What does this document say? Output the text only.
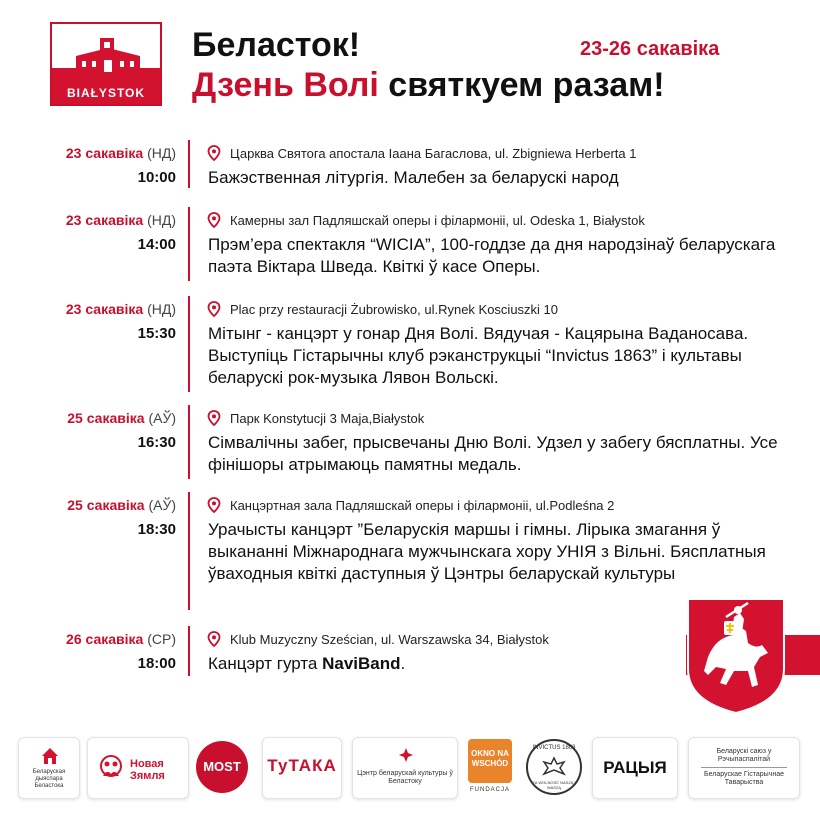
BIAŁYSTOK
Беласток!	23-26 сакавіка
Дзень Волі святкуем разам!
23 сакавіка (НД)
10:00
Царква Святога апостала Іаана Багаслова, ul. Zbigniewa Herberta 1
Бажэственная літургія. Малебен за беларускі народ
23 сакавіка (НД)
14:00
Камерны зал Падляшскай оперы і філармоніі, ul. Odeska 1, Białystok
Прэм’ера спектакля “WICIA”, 100-годдзе да дня народзінаў беларускага паэта Віктара Шведа. Квіткі ў касе Оперы.
23 сакавіка (НД)
15:30
Plac przy restauracji Żubrowisko, ul.Rynek Kosciuszki 10
Мітынг - канцэрт у гонар Дня Волі. Вядучая - Кацярына Ваданосава. Выступіць Гістарычны клуб рэканструкцыі “Invictus 1863” і культавы беларускі рок-музыка Лявон Вольскі.
25 сакавіка (АЎ)
16:30
Парк Konstytucji 3 Maja,Białystok
Сімвалічны забег, прысвечаны Дню Волі. Удзел у забегу бясплатны. Усе фінішоры атрымаюць памятны медаль.
25 сакавіка (АЎ)
18:30
Канцэртная зала Падляшскай оперы і філармоніі, ul.Podleśna 2
Урачысты канцэрт ”Беларускія маршы і гімны. Лірыка змагання ў выкананні Міжнароднага мужчынскага хору УНІЯ з Вільні. Бясплатныя ўваходныя квіткі даступныя ў Цэнтры беларускай культуры
26 сакавіка (СР)
18:00
Klub Muzyczny Sześcian, ul. Warszawska 34, Białystok
Канцэрт гурта NaviBand.
Беларуская дыяспара Беластока
Новая Зямля
MOST	ТуТАКА	Цэнтр беларускай культуры ў Беластоку
OKNO NA
WSCHÓD
FUNDACJA
INVICTUS 1863
ZA WOLNOŚĆ NASZĄ I WASZĄ
РАЦЫЯ
Беларускі саюз у Рэчыпаспалітай
Беларускае Гістарычнае Таварыства
